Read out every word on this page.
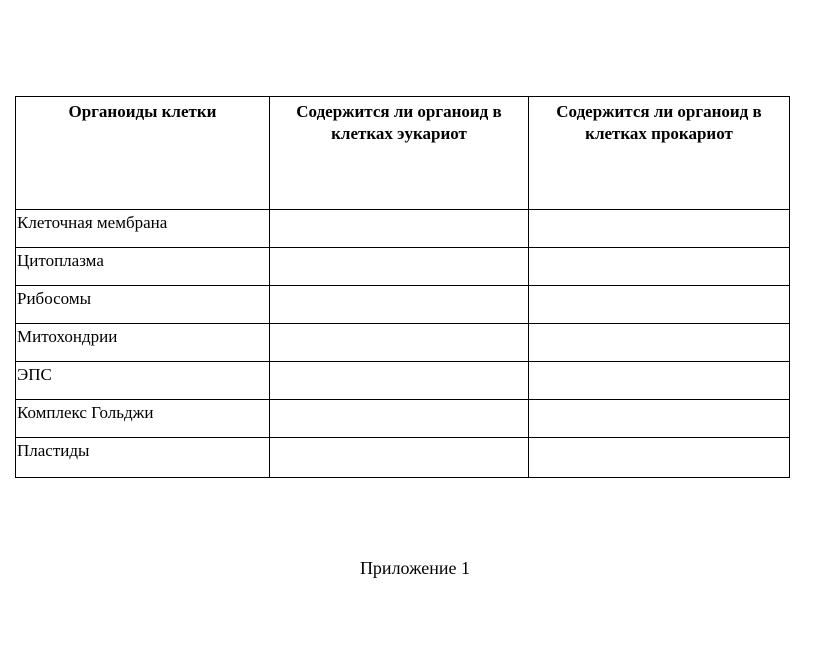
Органоиды клетки	Содержится ли органоид в клетках эукариот	Содержится ли органоид в клетках прокариот
Клеточная мембрана		
Цитоплазма		
Рибосомы		
Митохондрии		
ЭПС		
Комплекс Гольджи		
Пластиды		
Приложение 1
